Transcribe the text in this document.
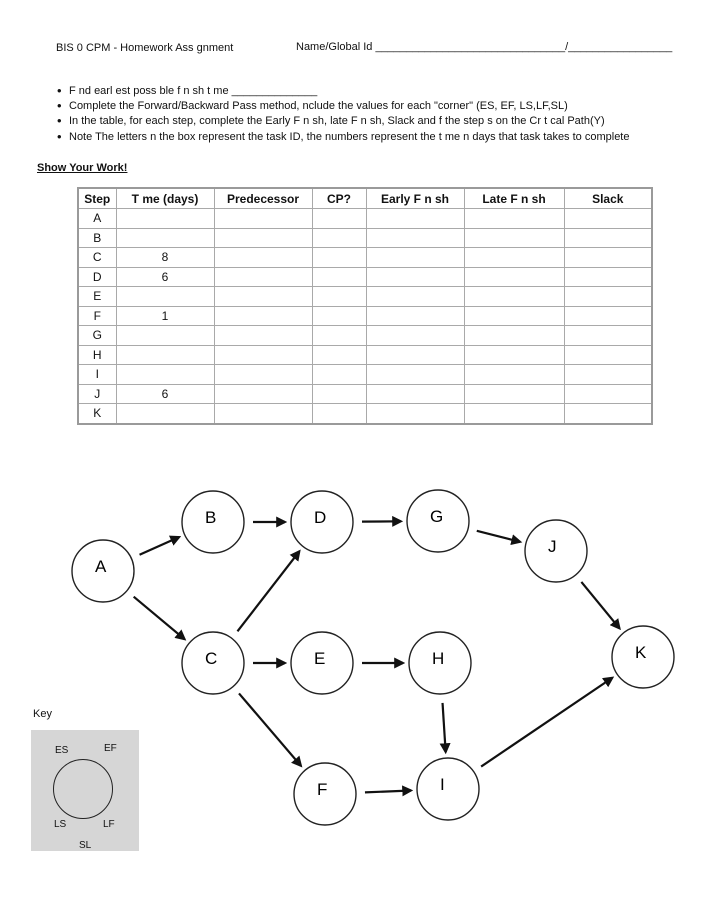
BIS 0 CPM - Homework Ass gnment	Name/Global Id _______________________________/_________________
• F nd earl est poss ble f n sh t me ______________
• Complete the Forward/Backward Pass method, nclude the values for each "corner" (ES, EF, LS,LF,SL)
• In the table, for each step, complete the Early F n sh, late F n sh, Slack and f the step s on the Cr t cal Path(Y)
• Note The letters n the box represent the task ID, the numbers represent the t me n days that task takes to complete
Show Your Work!
Step	T me (days)	Predecessor	CP?	Early F n sh	Late F n sh	Slack
A						
B						
C	8					
D	6					
E						
F	1					
G						
H						
I						
J	6					
K						
A
B
C
D
E
F
G
H
I
J
K
Key
ES	EF
LS	LF
SL
